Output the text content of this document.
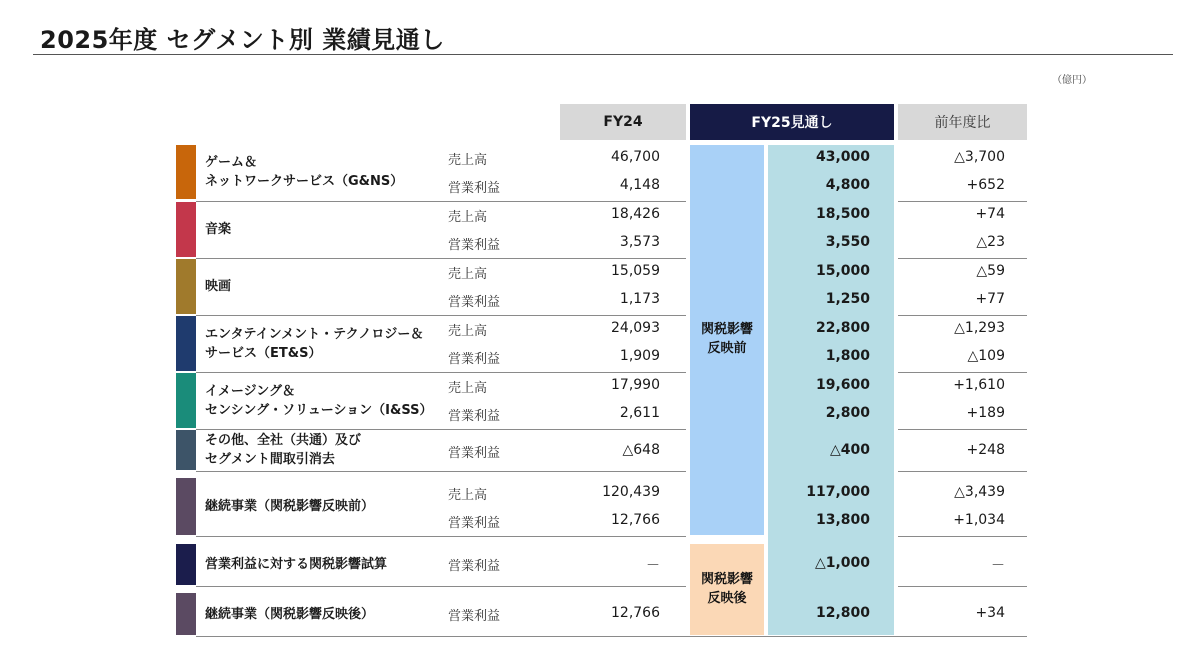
2025年度 セグメント別 業績見通し
（億円）
FY24	FY25見通し	前年度比
関税影響
反映前
関税影響
反映後
ゲーム＆
ネットワークサービス（G&NS）
売上高	46,700	43,000	△3,700
営業利益	4,148	4,800	+652
音楽
売上高	18,426	18,500	+74
営業利益	3,573	3,550	△23
映画
売上高	15,059	15,000	△59
営業利益	1,173	1,250	+77
エンタテインメント・テクノロジー＆
サービス（ET&S）
売上高	24,093	22,800	△1,293
営業利益	1,909	1,800	△109
イメージング＆
センシング・ソリューション（I&SS）
売上高	17,990	19,600	+1,610
営業利益	2,611	2,800	+189
その他、全社（共通）及び
セグメント間取引消去	営業利益	△648	△400	+248
継続事業（関税影響反映前）
売上高	120,439	117,000	△3,439
営業利益	12,766	13,800	+1,034
営業利益に対する関税影響試算	営業利益	－	△1,000	－
継続事業（関税影響反映後）	営業利益	12,766	12,800	+34
